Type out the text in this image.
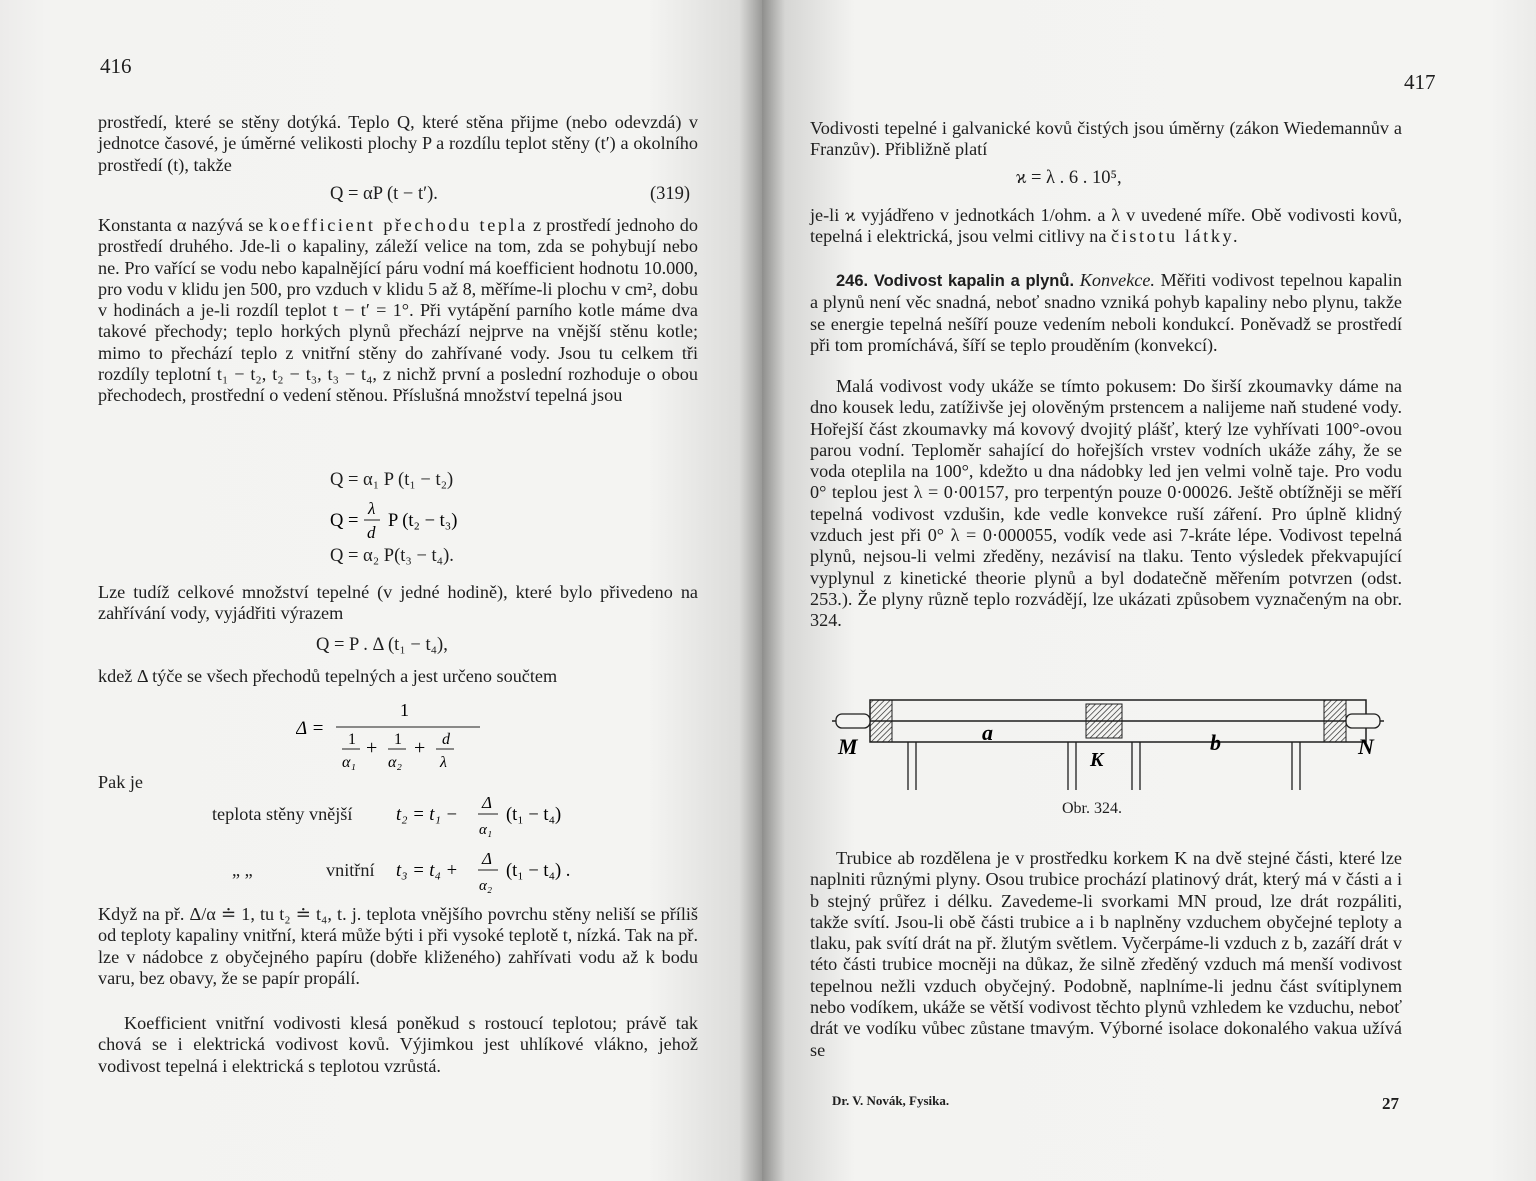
416

prostředí, které se stěny dotýká. Teplo Q, které stěna přijme (nebo odevzdá) v jednotce časové, je úměrné velikosti plochy P a rozdílu teplot stěny (t′) a okolního prostředí (t), takže

Q = αP (t − t′).	(319)

Konstanta α nazývá se koefficient přechodu tepla z prostředí jednoho do prostředí druhého. Jde-li o kapaliny, záleží velice na tom, zda se pohybují nebo ne. Pro vařící se vodu nebo kapalnějící páru vodní má koefficient hodnotu 10.000, pro vodu v klidu jen 500, pro vzduch v klidu 5 až 8, měříme-li plochu v cm², dobu v hodinách a je-li rozdíl teplot t − t′ = 1°. Při vytápění parního kotle máme dva takové přechody; teplo horkých plynů přechází nejprve na vnější stěnu kotle; mimo to přechází teplo z vnitřní stěny do zahřívané vody. Jsou tu celkem tři rozdíly teplotní t₁ − t₂, t₂ − t₃, t₃ − t₄, z nichž první a poslední rozhoduje o obou přechodech, prostřední o vedení stěnou. Příslušná množství tepelná jsou

Q = α₁ P (t₁ − t₂)
Q =
λ
d
P (t₂ − t₃)
Q = α₂ P(t₃ − t₄).

Lze tudíž celkové množství tepelné (v jedné hodině), které bylo přivedeno na zahřívání vody, vyjádřiti výrazem

Q = P . Δ (t₁ − t₄),

kdež Δ týče se všech přechodů tepelných a jest určeno součtem

Δ =
1
1
α₁
+ 1
α₂
+ d
λ
Pak je
teplota stěny vnější t₂ = t₁ −
Δ
α₁
(t₁ − t₄)
„ „	vnitřní t₃ = t₄ +
Δ
α₂
(t₁ − t₄) .

Když na př. Δ/α ≐ 1, tu t₂ ≐ t₄, t. j. teplota vnějšího povrchu stěny neliší se příliš od teploty kapaliny vnitřní, která může býti i při vysoké teplotě t, nízká. Tak na př. lze v nádobce z obyčejného papíru (dobře kliženého) zahřívati vodu až k bodu varu, bez obavy, že se papír propálí.

Koefficient vnitřní vodivosti klesá poněkud s rostoucí teplotou; právě tak chová se i elektrická vodivost kovů. Výjimkou jest uhlíkové vlákno, jehož vodivost tepelná i elektrická s teplotou vzrůstá.

417

Vodivosti tepelné i galvanické kovů čistých jsou úměrny (zákon Wiedemannův a Franzův). Přibližně platí

ϰ = λ . 6 . 10⁵,

je-li ϰ vyjádřeno v jednotkách 1/ohm. a λ v uvedené míře. Obě vodivosti kovů, tepelná i elektrická, jsou velmi citlivy na čistotu látky.

246. Vodivost kapalin a plynů. Konvekce. Měřiti vodivost tepelnou kapalin a plynů není věc snadná, neboť snadno vzniká pohyb kapaliny nebo plynu, takže se energie tepelná nešíří pouze vedením neboli kondukcí. Poněvadž se prostředí při tom promíchává, šíří se teplo prouděním (konvekcí).

Malá vodivost vody ukáže se tímto pokusem: Do širší zkoumavky dáme na dno kousek ledu, zatíživše jej olověným prstencem a nalijeme naň studené vody. Hořejší část zkoumavky má kovový dvojitý plášť, který lze vyhřívati 100°-ovou parou vodní. Teploměr sahající do hořejších vrstev vodních ukáže záhy, že se voda oteplila na 100°, kdežto u dna nádobky led jen velmi volně taje. Pro vodu 0° teplou jest λ = 0·00157, pro terpentýn pouze 0·00026. Ještě obtížněji se měří tepelná vodivost vzdušin, kde vedle konvekce ruší záření. Pro úplně klidný vzduch jest při 0° λ = 0·000055, vodík vede asi 7-kráte lépe. Vodivost tepelná plynů, nejsou-li velmi zředěny, nezávisí na tlaku. Tento výsledek překvapující vyplynul z kinetické theorie plynů a byl dodatečně měřením potvrzen (odst. 253.). Že plyny různě teplo rozvádějí, lze ukázati způsobem vyznačeným na obr. 324.

M	N
a	b
K
Obr. 324.

Trubice ab rozdělena je v prostředku korkem K na dvě stejné části, které lze naplniti různými plyny. Osou trubice prochází platinový drát, který má v části a i b stejný průřez i délku. Zavedeme-li svorkami MN proud, lze drát rozpáliti, takže svítí. Jsou-li obě části trubice a i b naplněny vzduchem obyčejné teploty a tlaku, pak svítí drát na př. žlutým světlem. Vyčerpáme-li vzduch z b, zazáří drát v této části trubice mocněji na důkaz, že silně zředěný vzduch má menší vodivost tepelnou nežli vzduch obyčejný. Podobně, naplníme-li jednu část svítiplynem nebo vodíkem, ukáže se větší vodivost těchto plynů vzhledem ke vzduchu, neboť drát ve vodíku vůbec zůstane tmavým. Výborné isolace dokonalého vakua užívá se

Dr. V. Novák, Fysika.	27
